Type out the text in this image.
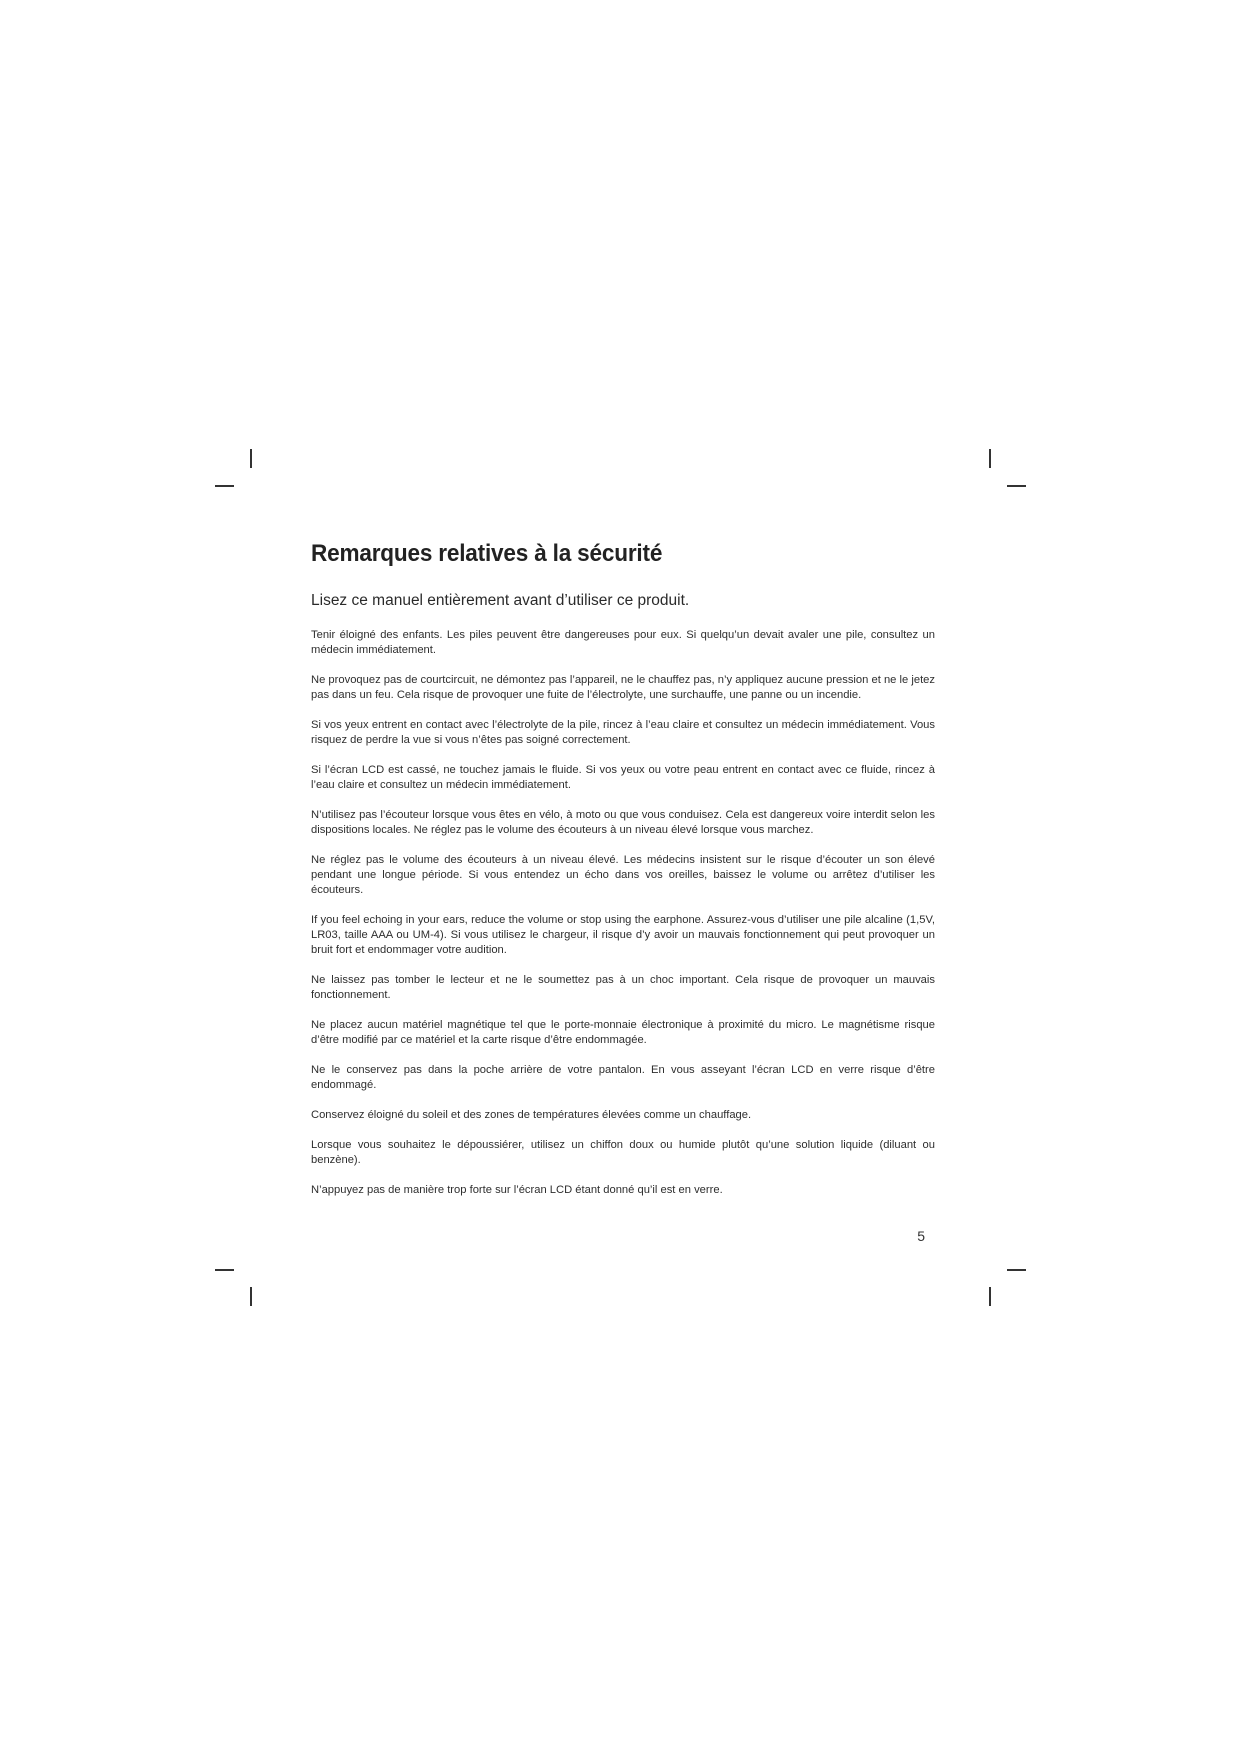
Remarques relatives à la sécurité

Lisez ce manuel entièrement avant d’utiliser ce produit.

Tenir éloigné des enfants. Les piles peuvent être dangereuses pour eux. Si quelqu’un devait avaler une pile, consultez un médecin immédiatement.

Ne provoquez pas de courtcircuit, ne démontez pas l’appareil, ne le chauffez pas, n’y appliquez aucune pression et ne le jetez pas dans un feu. Cela risque de provoquer une fuite de l’électrolyte, une surchauffe, une panne ou un incendie.

Si vos yeux entrent en contact avec l’électrolyte de la pile, rincez à l’eau claire et consultez un médecin immédiatement. Vous risquez de perdre la vue si vous n’êtes pas soigné correctement.

Si l’écran LCD est cassé, ne touchez jamais le fluide. Si vos yeux ou votre peau entrent en contact avec ce fluide, rincez à l’eau claire et consultez un médecin immédiatement.

N’utilisez pas l’écouteur lorsque vous êtes en vélo, à moto ou que vous conduisez. Cela est dangereux voire interdit selon les dispositions locales. Ne réglez pas le volume des écouteurs à un niveau élevé lorsque vous marchez.

Ne réglez pas le volume des écouteurs à un niveau élevé. Les médecins insistent sur le risque d’écouter un son élevé pendant une longue période. Si vous entendez un écho dans vos oreilles, baissez le volume ou arrêtez d’utiliser les écouteurs.

If you feel echoing in your ears, reduce the volume or stop using the earphone. Assurez-vous d’utiliser une pile alcaline (1,5V, LR03, taille AAA ou UM-4). Si vous utilisez le chargeur, il risque d’y avoir un mauvais fonctionnement qui peut provoquer un bruit fort et endommager votre audition.

Ne laissez pas tomber le lecteur et ne le soumettez pas à un choc important. Cela risque de provoquer un mauvais fonctionnement.

Ne placez aucun matériel magnétique tel que le porte-monnaie électronique à proximité du micro. Le magnétisme risque d’être modifié par ce matériel et la carte risque d’être endommagée.

Ne le conservez pas dans la poche arrière de votre pantalon. En vous asseyant l’écran LCD en verre risque d’être endommagé.

Conservez éloigné du soleil et des zones de températures élevées comme un chauffage.

Lorsque vous souhaitez le dépoussiérer, utilisez un chiffon doux ou humide plutôt qu’une solution liquide (diluant ou benzène).

N’appuyez pas de manière trop forte sur l’écran LCD étant donné qu’il est en verre.

5
